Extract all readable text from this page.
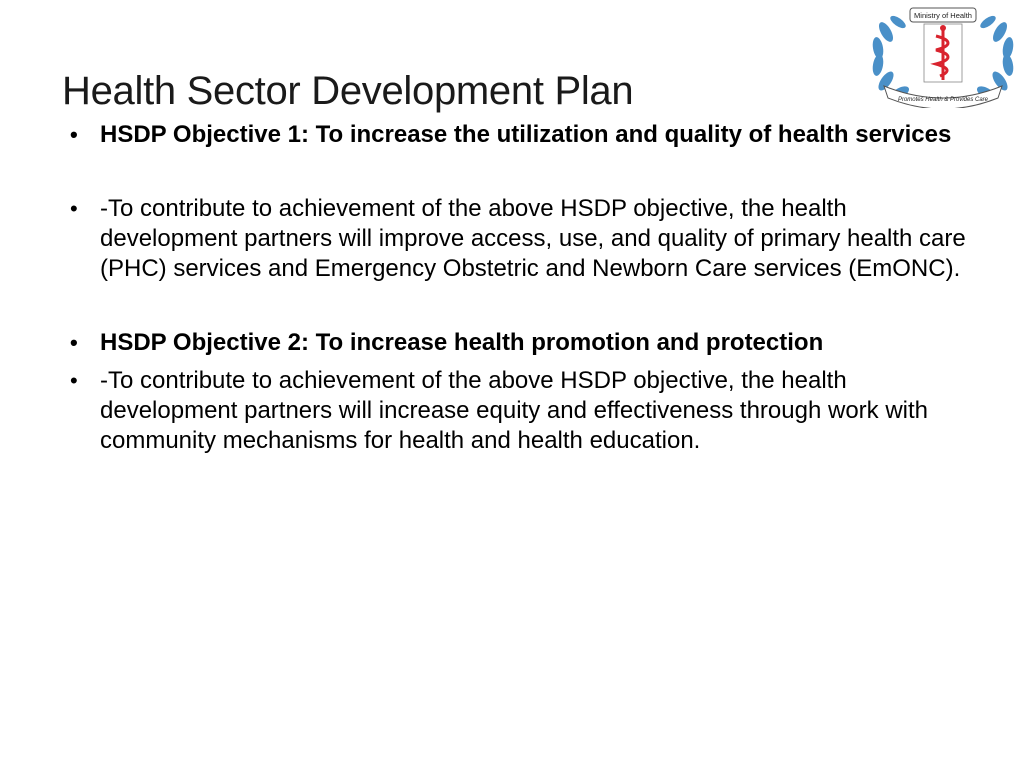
Health Sector Development Plan
Ministry of Health
Promotes Health & Provides Care
• HSDP Objective 1: To increase the utilization and quality of health services
• -To contribute to achievement of the above HSDP objective, the health development partners will improve access, use, and quality of primary health care (PHC) services and Emergency Obstetric and Newborn Care services (EmONC).
• HSDP Objective 2: To increase health promotion and protection
• -To contribute to achievement of the above HSDP objective, the health development partners will increase equity and effectiveness through work with community mechanisms for health and health education.
